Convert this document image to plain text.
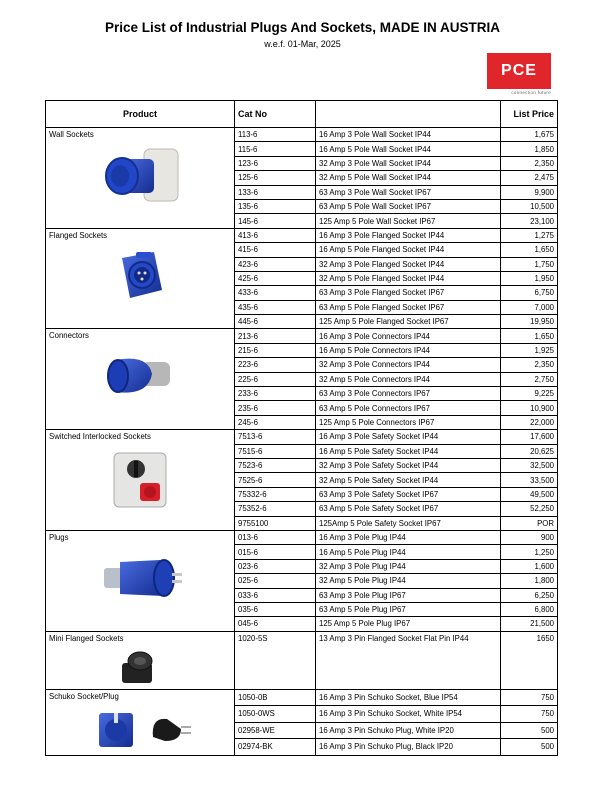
Price List of Industrial Plugs And Sockets, MADE IN AUSTRIA
w.e.f. 01-Mar, 2025
PCE
connection future
Product	Cat No		List Price

Wall Sockets	113-6	16 Amp 3 Pole Wall Socket IP44	1,675
	115-6	16 Amp 5 Pole Wall Socket IP44	1,850
	123-6	32 Amp 3 Pole Wall Socket IP44	2,350
	125-6	32 Amp 5 Pole Wall Socket IP44	2,475
	133-6	63 Amp 3 Pole Wall Socket IP67	9,900
	135-6	63 Amp 5 Pole Wall Socket IP67	10,500
	145-6	125 Amp 5 Pole Wall Socket IP67	23,100

Flanged Sockets	413-6	16 Amp 3 Pole Flanged Socket IP44	1,275
	415-6	16 Amp 5 Pole Flanged Socket IP44	1,650
	423-6	32 Amp 3 Pole Flanged Socket IP44	1,750
	425-6	32 Amp 5 Pole Flanged Socket IP44	1,950
	433-6	63 Amp 3 Pole Flanged Socket IP67	6,750
	435-6	63 Amp 5 Pole Flanged Socket IP67	7,000
	445-6	125 Amp 5 Pole Flanged Socket IP67	19,950

Connectors	213-6	16 Amp 3 Pole Connectors IP44	1,650
	215-6	16 Amp 5 Pole Connectors IP44	1,925
	223-6	32 Amp 3 Pole Connectors IP44	2,350
	225-6	32 Amp 5 Pole Connectors IP44	2,750
	233-6	63 Amp 3 Pole Connectors IP67	9,225
	235-6	63 Amp 5 Pole Connectors IP67	10,900
	245-6	125 Amp 5 Pole Connectors IP67	22,000

Switched Interlocked Sockets	7513-6	16 Amp 3 Pole Safety Socket IP44	17,600
	7515-6	16 Amp 5 Pole Safety Socket IP44	20,625
	7523-6	32 Amp 3 Pole Safety Socket IP44	32,500
	7525-6	32 Amp 5 Pole Safety Socket IP44	33,500
	75332-6	63 Amp 3 Pole Safety Socket IP67	49,500
	75352-6	63 Amp 5 Pole Safety Socket IP67	52,250
	9755100	125Amp 5 Pole Safety Socket IP67	POR

Plugs	013-6	16 Amp 3 Pole Plug IP44	900
	015-6	16 Amp 5 Pole Plug IP44	1,250
	023-6	32 Amp 3 Pole Plug IP44	1,600
	025-6	32 Amp 5 Pole Plug IP44	1,800
	033-6	63 Amp 3 Pole Plug IP67	6,250
	035-6	63 Amp 5 Pole Plug IP67	6,800
	045-6	125 Amp 5 Pole Plug IP67	21,500

Mini Flanged Sockets	1020-5S	13 Amp 3 Pin Flanged Socket Flat Pin IP44	1650

Schuko Socket/Plug	1050-0B	16 Amp 3 Pin Schuko Socket, Blue IP54	750
	1050-0WS	16 Amp 3 Pin Schuko Socket, White IP54	750
	02958-WE	16 Amp 3 Pin Schuko Plug, White IP20	500
	02974-BK	16 Amp 3 Pin Schuko Plug, Black IP20	500
